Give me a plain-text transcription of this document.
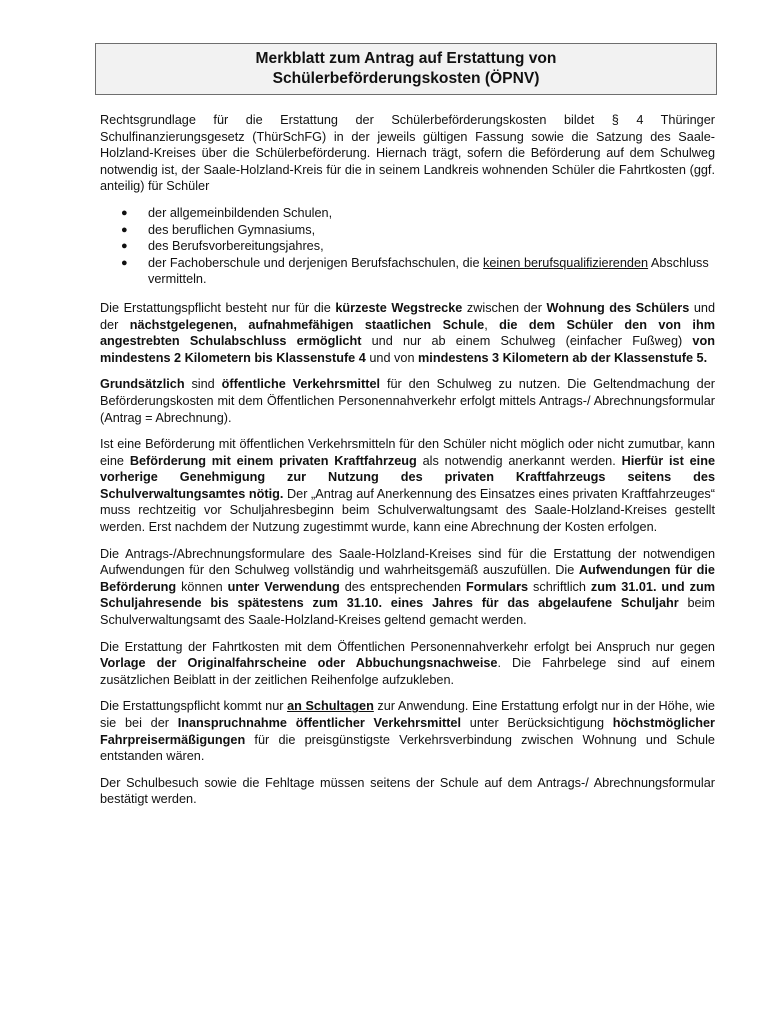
Merkblatt zum Antrag auf Erstattung von
Schülerbeförderungskosten (ÖPNV)

Rechtsgrundlage für die Erstattung der Schülerbeförderungskosten bildet § 4 Thüringer Schulfinanzierungsgesetz (ThürSchFG) in der jeweils gültigen Fassung sowie die Satzung des Saale-Holzland-Kreises über die Schülerbeförderung. Hiernach trägt, sofern die Beförderung auf dem Schulweg notwendig ist, der Saale-Holzland-Kreis für die in seinem Landkreis wohnenden Schüler die Fahrtkosten (ggf. anteilig) für Schüler

● der allgemeinbildenden Schulen,
● des beruflichen Gymnasiums,
● des Berufsvorbereitungsjahres,
● der Fachoberschule und derjenigen Berufsfachschulen, die keinen berufsqualifizierenden Abschluss vermitteln.

Die Erstattungspflicht besteht nur für die kürzeste Wegstrecke zwischen der Wohnung des Schülers und der nächstgelegenen, aufnahmefähigen staatlichen Schule, die dem Schüler den von ihm angestrebten Schulabschluss ermöglicht und nur ab einem Schulweg (einfacher Fußweg) von mindestens 2 Kilometern bis Klassenstufe 4 und von mindestens 3 Kilometern ab der Klassenstufe 5.

Grundsätzlich sind öffentliche Verkehrsmittel für den Schulweg zu nutzen. Die Geltendmachung der Beförderungskosten mit dem Öffentlichen Personennahverkehr erfolgt mittels Antrags-/ Abrechnungsformular (Antrag = Abrechnung).

Ist eine Beförderung mit öffentlichen Verkehrsmitteln für den Schüler nicht möglich oder nicht zumutbar, kann eine Beförderung mit einem privaten Kraftfahrzeug als notwendig anerkannt werden. Hierfür ist eine vorherige Genehmigung zur Nutzung des privaten Kraftfahrzeugs seitens des Schulverwaltungsamtes nötig. Der „Antrag auf Anerkennung des Einsatzes eines privaten Kraftfahrzeuges“ muss rechtzeitig vor Schuljahresbeginn beim Schulverwaltungsamt des Saale-Holzland-Kreises gestellt werden. Erst nachdem der Nutzung zugestimmt wurde, kann eine Abrechnung der Kosten erfolgen.

Die Antrags-/Abrechnungsformulare des Saale-Holzland-Kreises sind für die Erstattung der notwendigen Aufwendungen für den Schulweg vollständig und wahrheitsgemäß auszufüllen. Die Aufwendungen für die Beförderung können unter Verwendung des entsprechenden Formulars schriftlich zum 31.01. und zum Schuljahresende bis spätestens zum 31.10. eines Jahres für das abgelaufene Schuljahr beim Schulverwaltungsamt des Saale-Holzland-Kreises geltend gemacht werden.

Die Erstattung der Fahrtkosten mit dem Öffentlichen Personennahverkehr erfolgt bei Anspruch nur gegen Vorlage der Originalfahrscheine oder Abbuchungsnachweise. Die Fahrbelege sind auf einem zusätzlichen Beiblatt in der zeitlichen Reihenfolge aufzukleben.

Die Erstattungspflicht kommt nur an Schultagen zur Anwendung. Eine Erstattung erfolgt nur in der Höhe, wie sie bei der Inanspruchnahme öffentlicher Verkehrsmittel unter Berücksichtigung höchstmöglicher Fahrpreisermäßigungen für die preisgünstigste Verkehrsverbindung zwischen Wohnung und Schule entstanden wären.

Der Schulbesuch sowie die Fehltage müssen seitens der Schule auf dem Antrags-/ Abrechnungsformular bestätigt werden.
